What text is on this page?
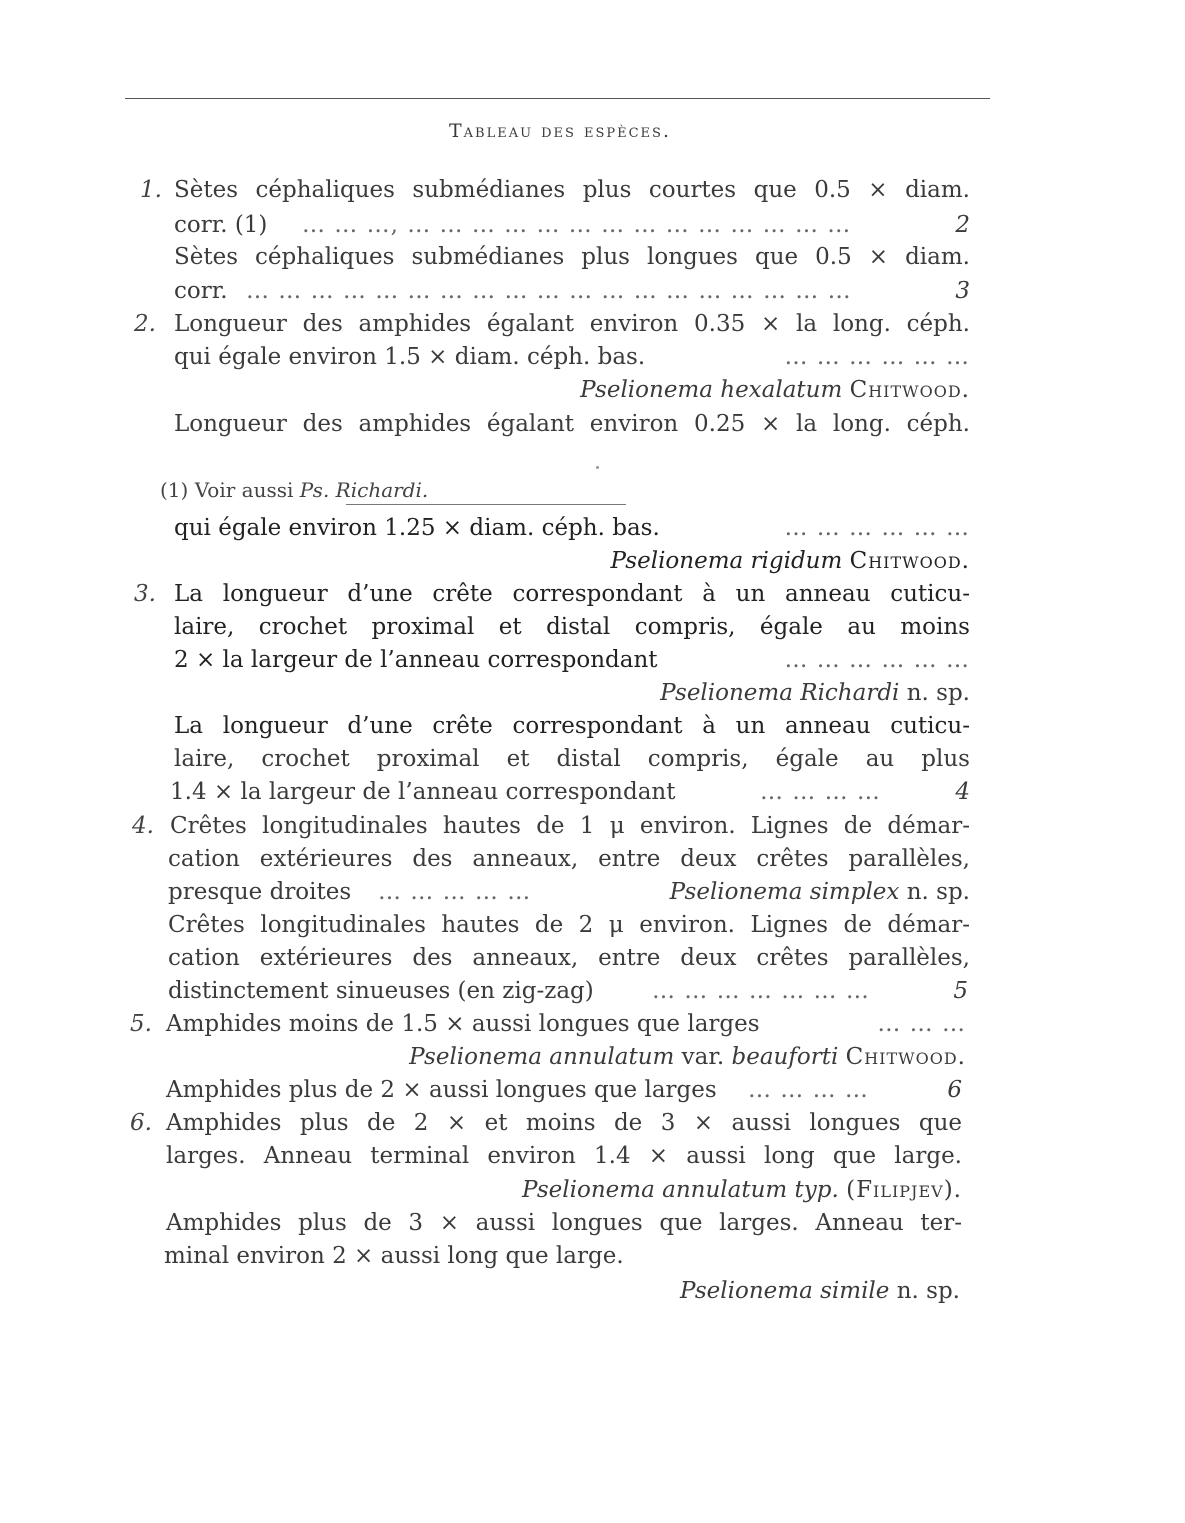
Tableau des espèces.
1. Sètes céphaliques submédianes plus courtes que 0.5 × diam.
corr. (1) … … …, … … … … … … … … … … … … … …	2
Sètes céphaliques submédianes plus longues que 0.5 × diam.
corr. … … … … … … … … … … … … … … … … … … …	3
2. Longueur des amphides égalant environ 0.35 × la long. céph.
qui égale environ 1.5 × diam. céph. bas.	… … … … … …
Pselionema hexalatum Chitwood.
Longueur des amphides égalant environ 0.25 × la long. céph.
(1) Voir aussi Ps. Richardi.
qui égale environ 1.25 × diam. céph. bas.	… … … … … …
Pselionema rigidum Chitwood.
3. La longueur d’une crête correspondant à un anneau cuticu-
laire, crochet proximal et distal compris, égale au moins
2 × la largeur de l’anneau correspondant	… … … … … …
Pselionema Richardi n. sp.
La longueur d’une crête correspondant à un anneau cuticu-
laire, crochet proximal et distal compris, égale au plus
1.4 × la largeur de l’anneau correspondant	… … … …	4
4. Crêtes longitudinales hautes de 1 μ environ. Lignes de démar-
cation extérieures des anneaux, entre deux crêtes parallèles,
presque droites … … … … …	Pselionema simplex n. sp.
Crêtes longitudinales hautes de 2 μ environ. Lignes de démar-
cation extérieures des anneaux, entre deux crêtes parallèles,
distinctement sinueuses (en zig-zag)	… … … … … … …	5
5. Amphides moins de 1.5 × aussi longues que larges	… … …
Pselionema annulatum var. beauforti Chitwood.
Amphides plus de 2 × aussi longues que larges … … … …	6
6. Amphides plus de 2 × et moins de 3 × aussi longues que
larges. Anneau terminal environ 1.4 × aussi long que large.
Pselionema annulatum typ. (Filipjev).
Amphides plus de 3 × aussi longues que larges. Anneau ter-
minal environ 2 × aussi long que large.
Pselionema simile n. sp.
